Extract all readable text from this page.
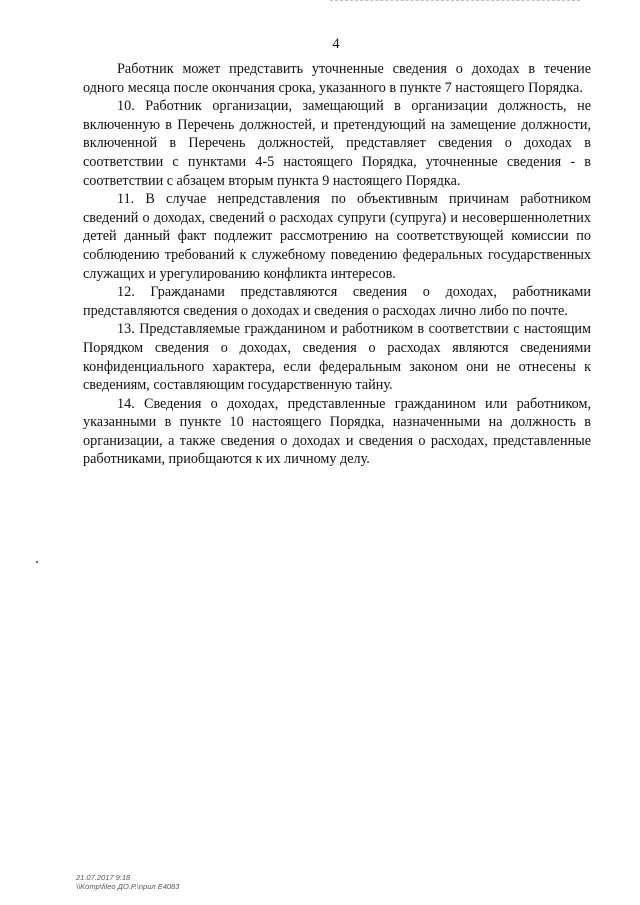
4

Работник может представить уточненные сведения о доходах в течение одного месяца после окончания срока, указанного в пункте 7 настоящего Порядка.

10. Работник организации, замещающий в организации должность, не включенную в Перечень должностей, и претендующий на замещение должности, включенной в Перечень должностей, представляет сведения о доходах в соответствии с пунктами 4-5 настоящего Порядка, уточненные сведения - в соответствии с абзацем вторым пункта 9 настоящего Порядка.

11. В случае непредставления по объективным причинам работником сведений о доходах, сведений о расходах супруги (супруга) и несовершеннолетних детей данный факт подлежит рассмотрению на соответствующей комиссии по соблюдению требований к служебному поведению федеральных государственных служащих и урегулированию конфликта интересов.

12. Гражданами представляются сведения о доходах, работниками представляются сведения о доходах и сведения о расходах лично либо по почте.

13. Представляемые гражданином и работником в соответствии с настоящим Порядком сведения о доходах, сведения о расходах являются сведениями конфиденциального характера, если федеральным законом они не отнесены к сведениям, составляющим государственную тайну.

14. Сведения о доходах, представленные гражданином или работником, указанными в пункте 10 настоящего Порядка, назначенными на должность в организации, а также сведения о доходах и сведения о расходах, представленные работниками, приобщаются к их личному делу.

21.07.2017 9:18
\\Komp\fileo ДО.Р.\nрил Е4083
